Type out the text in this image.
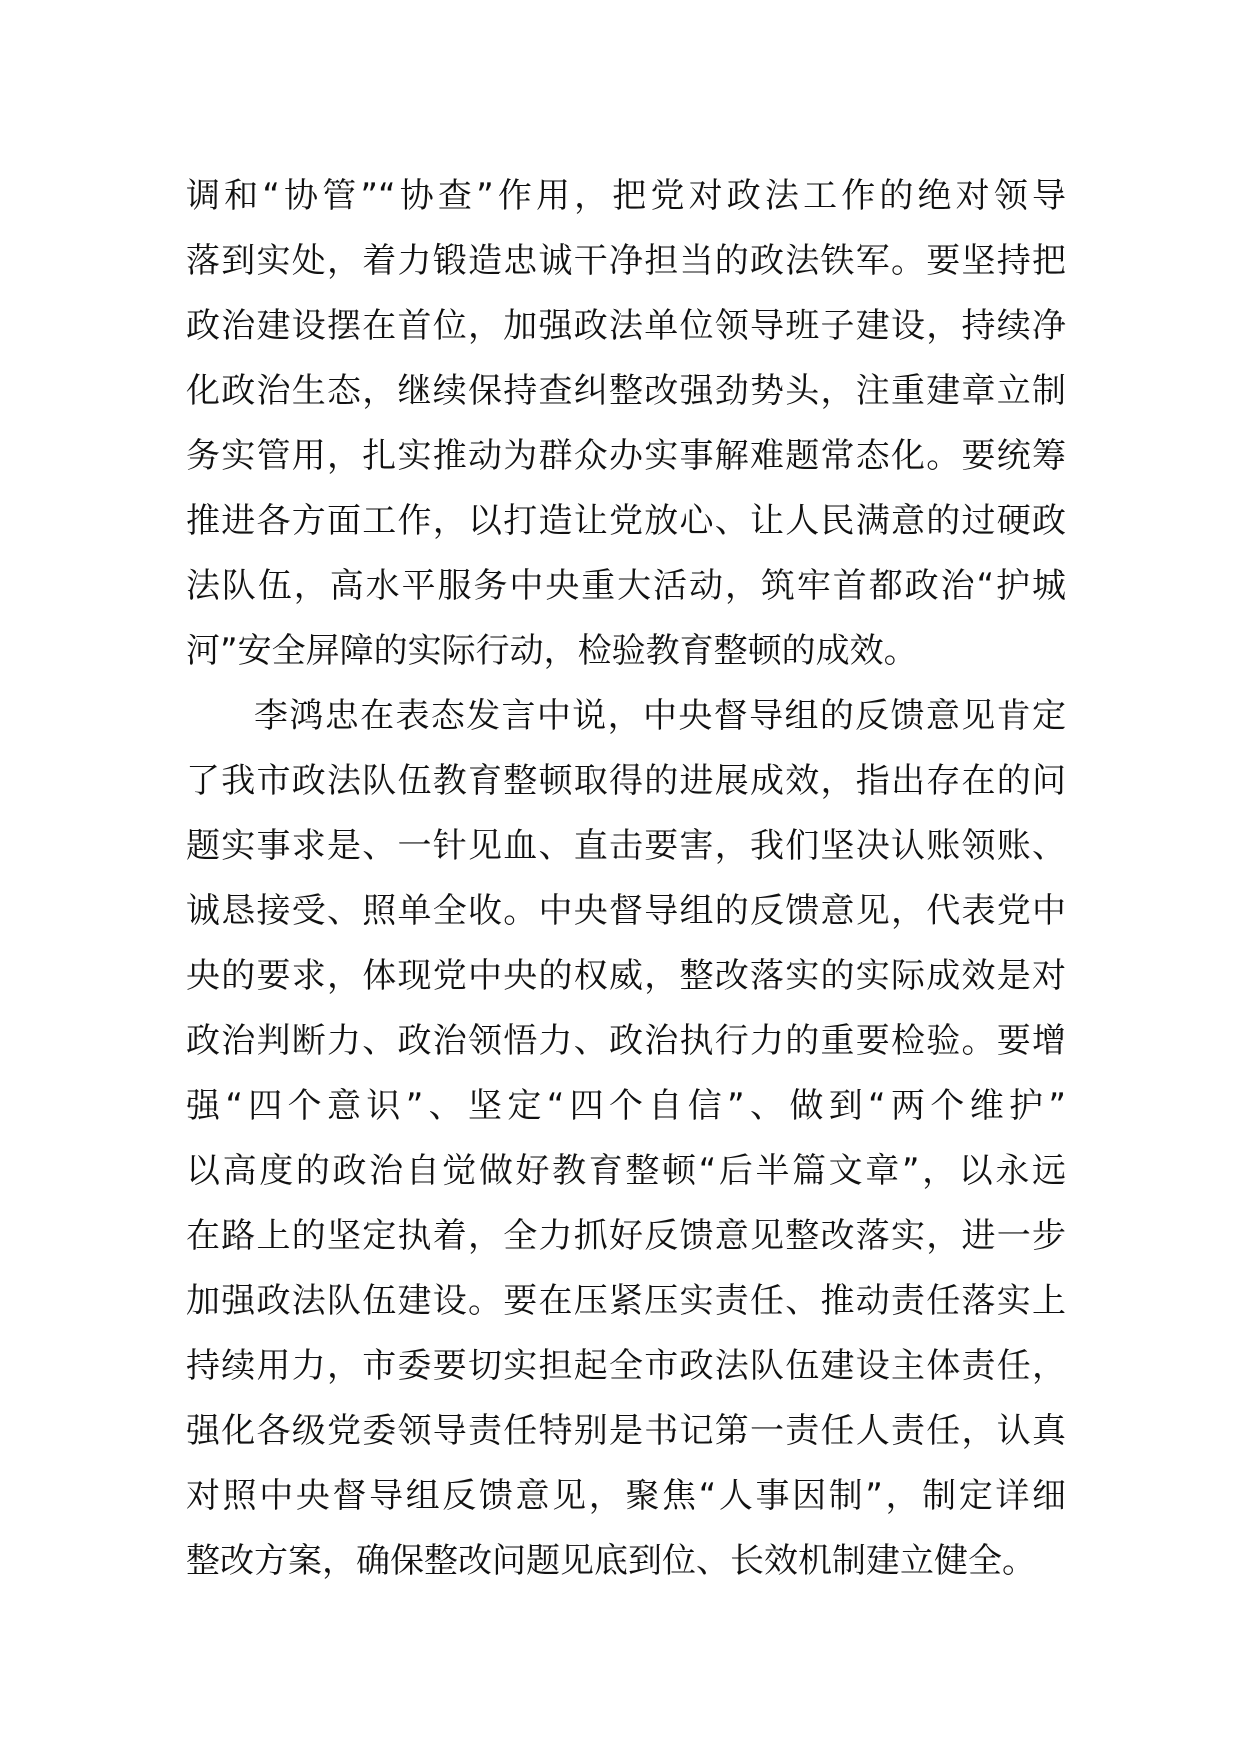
调和“协管”“协查”作用，把党对政法工作的绝对领导
落到实处，着力锻造忠诚干净担当的政法铁军。要坚持把
政治建设摆在首位，加强政法单位领导班子建设，持续净
化政治生态，继续保持查纠整改强劲势头，注重建章立制
务实管用，扎实推动为群众办实事解难题常态化。要统筹
推进各方面工作，以打造让党放心、让人民满意的过硬政
法队伍，高水平服务中央重大活动，筑牢首都政治“护城
河”安全屏障的实际行动，检验教育整顿的成效。
李鸿忠在表态发言中说，中央督导组的反馈意见肯定
了我市政法队伍教育整顿取得的进展成效，指出存在的问
题实事求是、一针见血、直击要害，我们坚决认账领账、
诚恳接受、照单全收。中央督导组的反馈意见，代表党中
央的要求，体现党中央的权威，整改落实的实际成效是对
政治判断力、政治领悟力、政治执行力的重要检验。要增
强“四个意识”、坚定“四个自信”、做到“两个维护”
以高度的政治自觉做好教育整顿“后半篇文章”，以永远
在路上的坚定执着，全力抓好反馈意见整改落实，进一步
加强政法队伍建设。要在压紧压实责任、推动责任落实上
持续用力，市委要切实担起全市政法队伍建设主体责任，
强化各级党委领导责任特别是书记第一责任人责任，认真
对照中央督导组反馈意见，聚焦“人事因制”，制定详细
整改方案，确保整改问题见底到位、长效机制建立健全。
